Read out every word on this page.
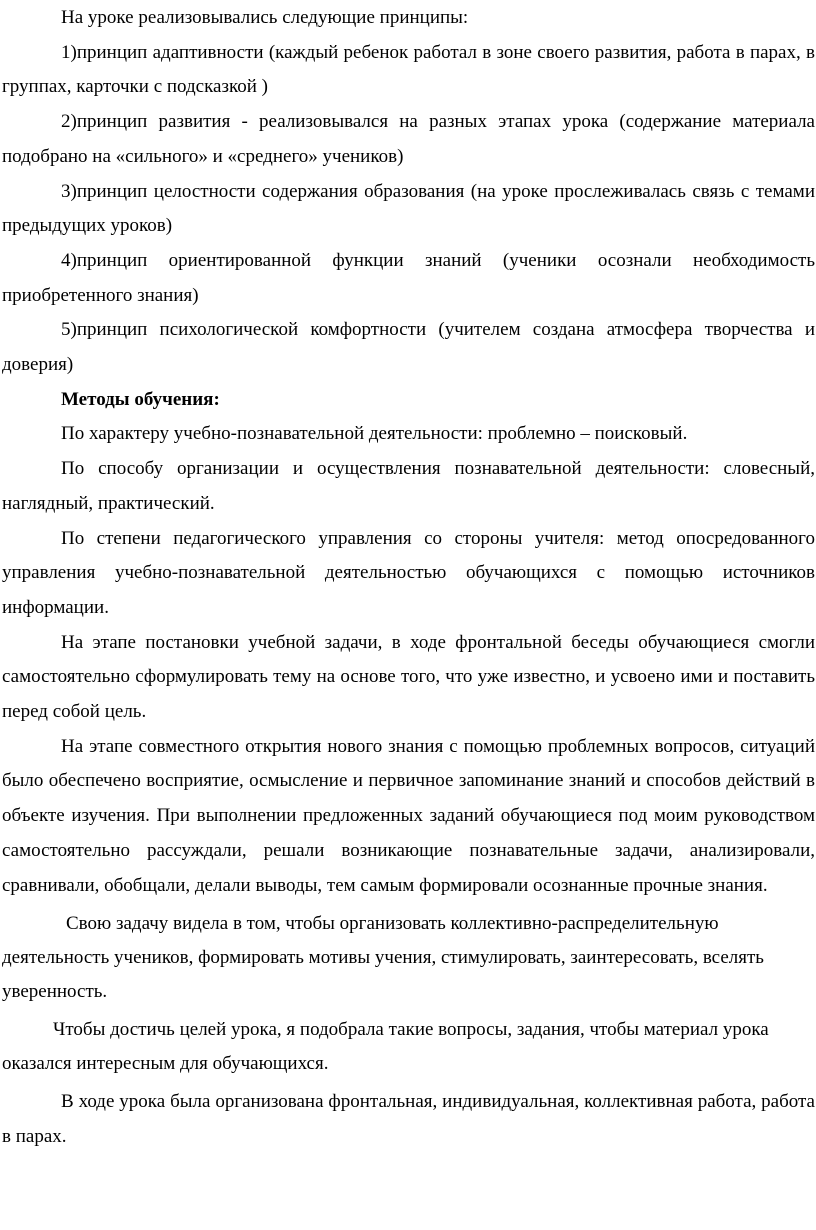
На уроке реализовывались следующие принципы:

1)принцип адаптивности (каждый ребенок работал в зоне своего развития, работа в парах, в группах, карточки с подсказкой )

2)принцип развития - реализовывался на разных этапах урока (содержание материала подобрано на «сильного» и «среднего» учеников)

3)принцип целостности содержания образования (на уроке прослеживалась связь с темами предыдущих уроков)

4)принцип ориентированной функции знаний (ученики осознали необходимость приобретенного знания)

5)принцип психологической комфортности (учителем создана атмосфера творчества и доверия)

Методы обучения:

По характеру учебно-познавательной деятельности: проблемно – поисковый.

По способу организации и осуществления познавательной деятельности: словесный, наглядный, практический.

По степени педагогического управления со стороны учителя: метод опосредованного управления учебно-познавательной деятельностью обучающихся с помощью источников информации.

На этапе постановки учебной задачи, в ходе фронтальной беседы обучающиеся смогли самостоятельно сформулировать тему на основе того, что уже известно, и усвоено ими и поставить перед собой цель.

На этапе совместного открытия нового знания с помощью проблемных вопросов, ситуаций было обеспечено восприятие, осмысление и первичное запоминание знаний и способов действий в объекте изучения. При выполнении предложенных заданий обучающиеся под моим руководством самостоятельно рассуждали, решали возникающие познавательные задачи, анализировали, сравнивали, обобщали, делали выводы, тем самым формировали осознанные прочные знания.

Свою задачу видела в том, чтобы организовать коллективно-распределительную деятельность учеников, формировать мотивы учения, стимулировать, заинтересовать, вселять уверенность.

Чтобы достичь целей урока, я подобрала такие вопросы, задания, чтобы материал урока оказался интересным для обучающихся.

В ходе урока была организована фронтальная, индивидуальная, коллективная работа, работа в парах.
